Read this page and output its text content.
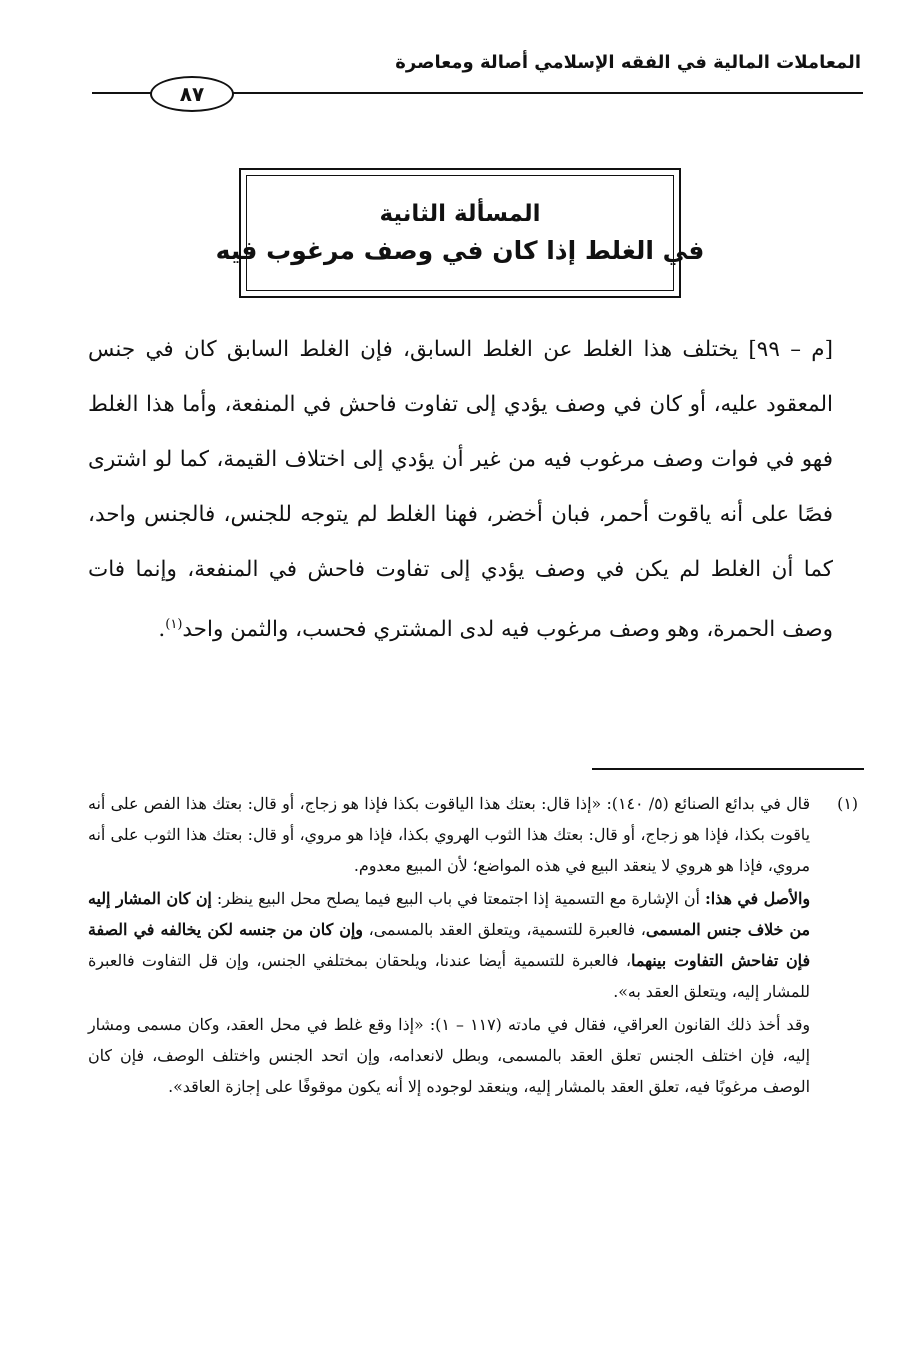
المعاملات المالية في الفقه الإسلامي أصالة ومعاصرة
٨٧
المسألة الثانية
في الغلط إذا كان في وصف مرغوب فيه

[م – ٩٩] يختلف هذا الغلط عن الغلط السابق، فإن الغلط السابق كان في جنس المعقود عليه، أو كان في وصف يؤدي إلى تفاوت فاحش في المنفعة، وأما هذا الغلط فهو في فوات وصف مرغوب فيه من غير أن يؤدي إلى اختلاف القيمة، كما لو اشترى فصًا على أنه ياقوت أحمر، فبان أخضر، فهنا الغلط لم يتوجه للجنس، فالجنس واحد، كما أن الغلط لم يكن في وصف يؤدي إلى تفاوت فاحش في المنفعة، وإنما فات وصف الحمرة، وهو وصف مرغوب فيه لدى المشتري فحسب، والثمن واحد$^{(١)}$.

(١)

قال في بدائع الصنائع (٥/ ١٤٠): «إذا قال: بعتك هذا الياقوت بكذا فإذا هو زجاج، أو قال: بعتك هذا الفص على أنه ياقوت بكذا، فإذا هو زجاج، أو قال: بعتك هذا الثوب الهروي بكذا، فإذا هو مروي، أو قال: بعتك هذا الثوب على أنه مروي، فإذا هو هروي لا ينعقد البيع في هذه المواضع؛ لأن المبيع معدوم.

والأصل في هذا: أن الإشارة مع التسمية إذا اجتمعتا في باب البيع فيما يصلح محل البيع ينظر: إن كان المشار إليه من خلاف جنس المسمى، فالعبرة للتسمية، ويتعلق العقد بالمسمى، وإن كان من جنسه لكن يخالفه في الصفة فإن تفاحش التفاوت بينهما، فالعبرة للتسمية أيضا عندنا، ويلحقان بمختلفي الجنس، وإن قل التفاوت فالعبرة للمشار إليه، ويتعلق العقد به».

وقد أخذ ذلك القانون العراقي، فقال في مادته (١١٧ – ١): «إذا وقع غلط في محل العقد، وكان مسمى ومشار إليه، فإن اختلف الجنس تعلق العقد بالمسمى، وبطل لانعدامه، وإن اتحد الجنس واختلف الوصف، فإن كان الوصف مرغوبًا فيه، تعلق العقد بالمشار إليه، وينعقد لوجوده إلا أنه يكون موقوفًا على إجازة العاقد».
